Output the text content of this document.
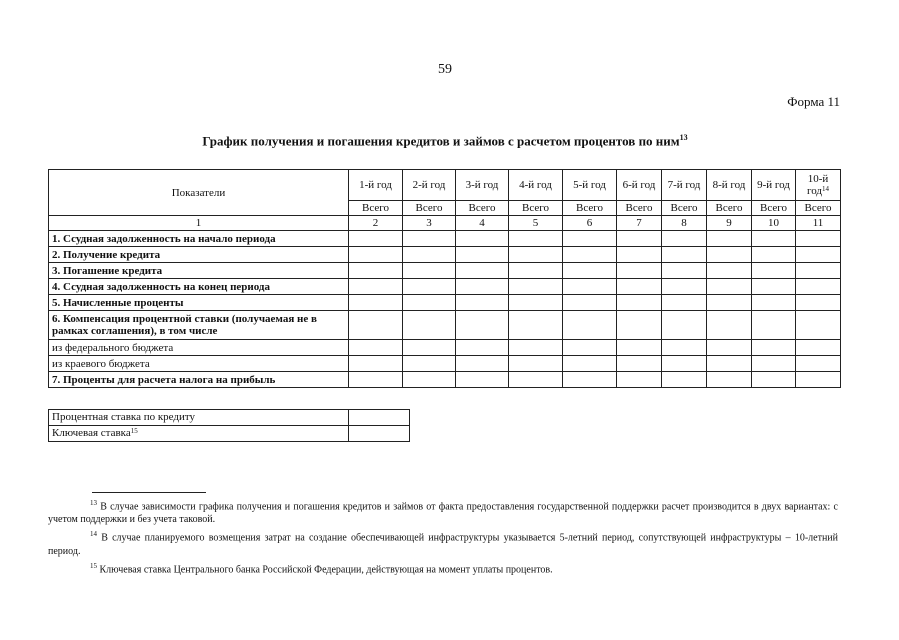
59
Форма 11
График получения и погашения кредитов и займов с расчетом процентов по ним$^{13}$
Показатели	1-й год	2-й год	3-й год	4-й год	5-й год	6-й год	7-й год	8-й год	9-й год	10-й год$^{14}$
	Всего	Всего	Всего	Всего	Всего	Всего	Всего	Всего	Всего	Всего
1	2	3	4	5	6	7	8	9	10	11
1. Ссудная задолженность на начало периода										
2. Получение кредита										
3. Погашение кредита										
4. Ссудная задолженность на конец периода										
5. Начисленные проценты										
6. Компенсация процентной ставки (получаемая не в рамках соглашения), в том числе										
из федерального бюджета										
из краевого бюджета										
7. Проценты для расчета налога на прибыль										
Процентная ставка по кредиту	
Ключевая ставка$^{15}$	

$^{13}$ В случае зависимости графика получения и погашения кредитов и займов от факта предоставления государственной поддержки расчет производится в двух вариантах: с учетом поддержки и без учета таковой.

$^{14}$ В случае планируемого возмещения затрат на создание обеспечивающей инфраструктуры указывается 5-летний период, сопутствующей инфраструктуры – 10-летний период.

$^{15}$ Ключевая ставка Центрального банка Российской Федерации, действующая на момент уплаты процентов.
